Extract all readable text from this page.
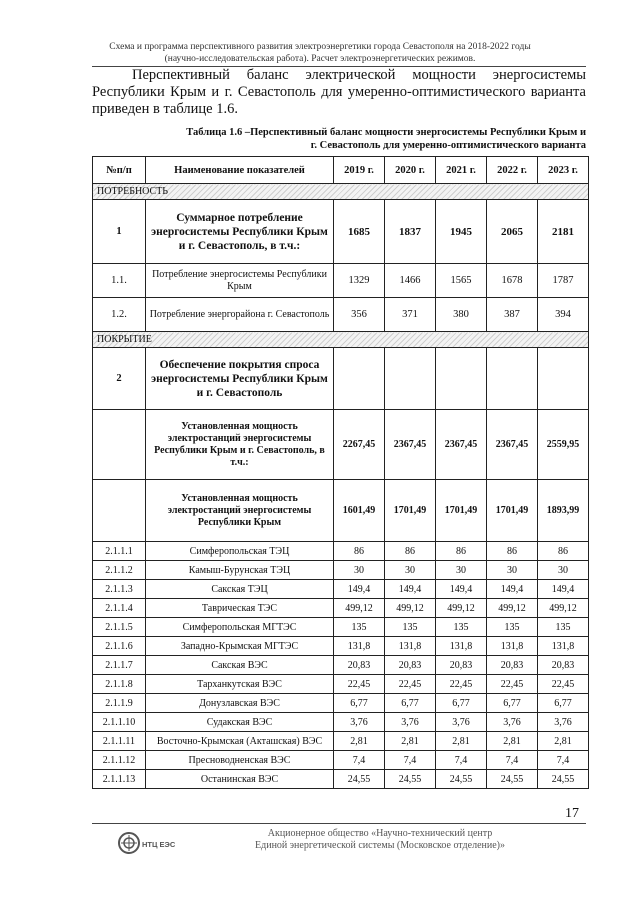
Схема и программа перспективного развития электроэнергетики города Севастополя на 2018-2022 годы
(научно-исследовательская работа). Расчет электроэнергетических режимов.

Перспективный баланс электрической мощности энергосистемы Республики Крым и г. Севастополь для умеренно-оптимистического варианта приведен в таблице 1.6.

Таблица 1.6 –Перспективный баланс мощности энергосистемы Республики Крым и
г. Севастополь для умеренно-оптимистического варианта
№п/п	Наименование показателей	2019 г.	2020 г.	2021 г.	2022 г.	2023 г.
ПОТРЕБНОСТЬ						
1	Суммарное потребление энергосистемы Республики Крым и г. Севастополь, в т.ч.:	1685	1837	1945	2065	2181
1.1.	Потребление энергосистемы Республики Крым	1329	1466	1565	1678	1787
1.2.	Потребление энергорайона г. Севастополь	356	371	380	387	394
ПОКРЫТИЕ						
2	Обеспечение покрытия спроса энергосистемы Республики Крым и г. Севастополь					
	Установленная мощность электростанций энергосистемы Республики Крым и г. Севастополь, в т.ч.:	2267,45	2367,45	2367,45	2367,45	2559,95
	Установленная мощность электростанций энергосистемы Республики Крым	1601,49	1701,49	1701,49	1701,49	1893,99
2.1.1.1	Симферопольская ТЭЦ	86	86	86	86	86
2.1.1.2	Камыш-Бурунская ТЭЦ	30	30	30	30	30
2.1.1.3	Сакская ТЭЦ	149,4	149,4	149,4	149,4	149,4
2.1.1.4	Таврическая ТЭС	499,12	499,12	499,12	499,12	499,12
2.1.1.5	Симферопольская МГТЭС	135	135	135	135	135
2.1.1.6	Западно-Крымская МГТЭС	131,8	131,8	131,8	131,8	131,8
2.1.1.7	Сакская ВЭС	20,83	20,83	20,83	20,83	20,83
2.1.1.8	Тарханкутская ВЭС	22,45	22,45	22,45	22,45	22,45
2.1.1.9	Донузлавская ВЭС	6,77	6,77	6,77	6,77	6,77
2.1.1.10	Судакская ВЭС	3,76	3,76	3,76	3,76	3,76
2.1.1.11	Восточно-Крымская (Акташская) ВЭС	2,81	2,81	2,81	2,81	2,81
2.1.1.12	Пресноводненская ВЭС	7,4	7,4	7,4	7,4	7,4
2.1.1.13	Останинская ВЭС	24,55	24,55	24,55	24,55	24,55
17
НТЦ ЕЭС
Акционерное общество «Научно-технический центр
Единой энергетической системы (Московское отделение)»
